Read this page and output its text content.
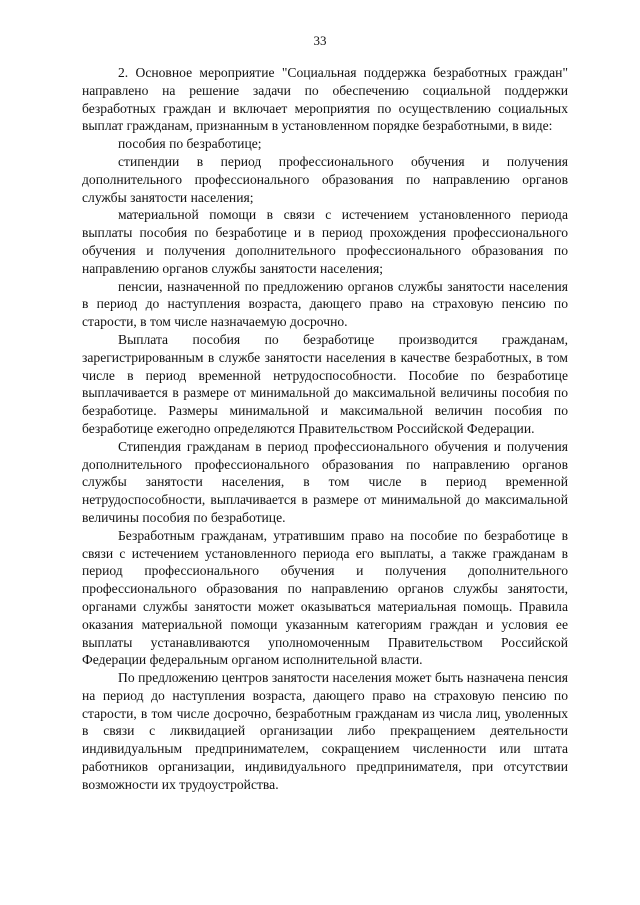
33

2. Основное мероприятие "Социальная поддержка безработных граждан" направлено на решение задачи по обеспечению социальной поддержки безработных граждан и включает мероприятия по осуществлению социальных выплат гражданам, признанным в установленном порядке безработными, в виде:

пособия по безработице;

стипендии в период профессионального обучения и получения дополнительного профессионального образования по направлению органов службы занятости населения;

материальной помощи в связи с истечением установленного периода выплаты пособия по безработице и в период прохождения профессионального обучения и получения дополнительного профессионального образования по направлению органов службы занятости населения;

пенсии, назначенной по предложению органов службы занятости населения в период до наступления возраста, дающего право на страховую пенсию по старости, в том числе назначаемую досрочно.

Выплата пособия по безработице производится гражданам, зарегистрированным в службе занятости населения в качестве безработных, в том числе в период временной нетрудоспособности. Пособие по безработице выплачивается в размере от минимальной до максимальной величины пособия по безработице. Размеры минимальной и максимальной величин пособия по безработице ежегодно определяются Правительством Российской Федерации.

Стипендия гражданам в период профессионального обучения и получения дополнительного профессионального образования по направлению органов службы занятости населения, в том числе в период временной нетрудоспособности, выплачивается в размере от минимальной до максимальной величины пособия по безработице.

Безработным гражданам, утратившим право на пособие по безработице в связи с истечением установленного периода его выплаты, а также гражданам в период профессионального обучения и получения дополнительного профессионального образования по направлению органов службы занятости, органами службы занятости может оказываться материальная помощь. Правила оказания материальной помощи указанным категориям граждан и условия ее выплаты устанавливаются уполномоченным Правительством Российской Федерации федеральным органом исполнительной власти.

По предложению центров занятости населения может быть назначена пенсия на период до наступления возраста, дающего право на страховую пенсию по старости, в том числе досрочно, безработным гражданам из числа лиц, уволенных в связи с ликвидацией организации либо прекращением деятельности индивидуальным предпринимателем, сокращением численности или штата работников организации, индивидуального предпринимателя, при отсутствии возможности их трудоустройства.
